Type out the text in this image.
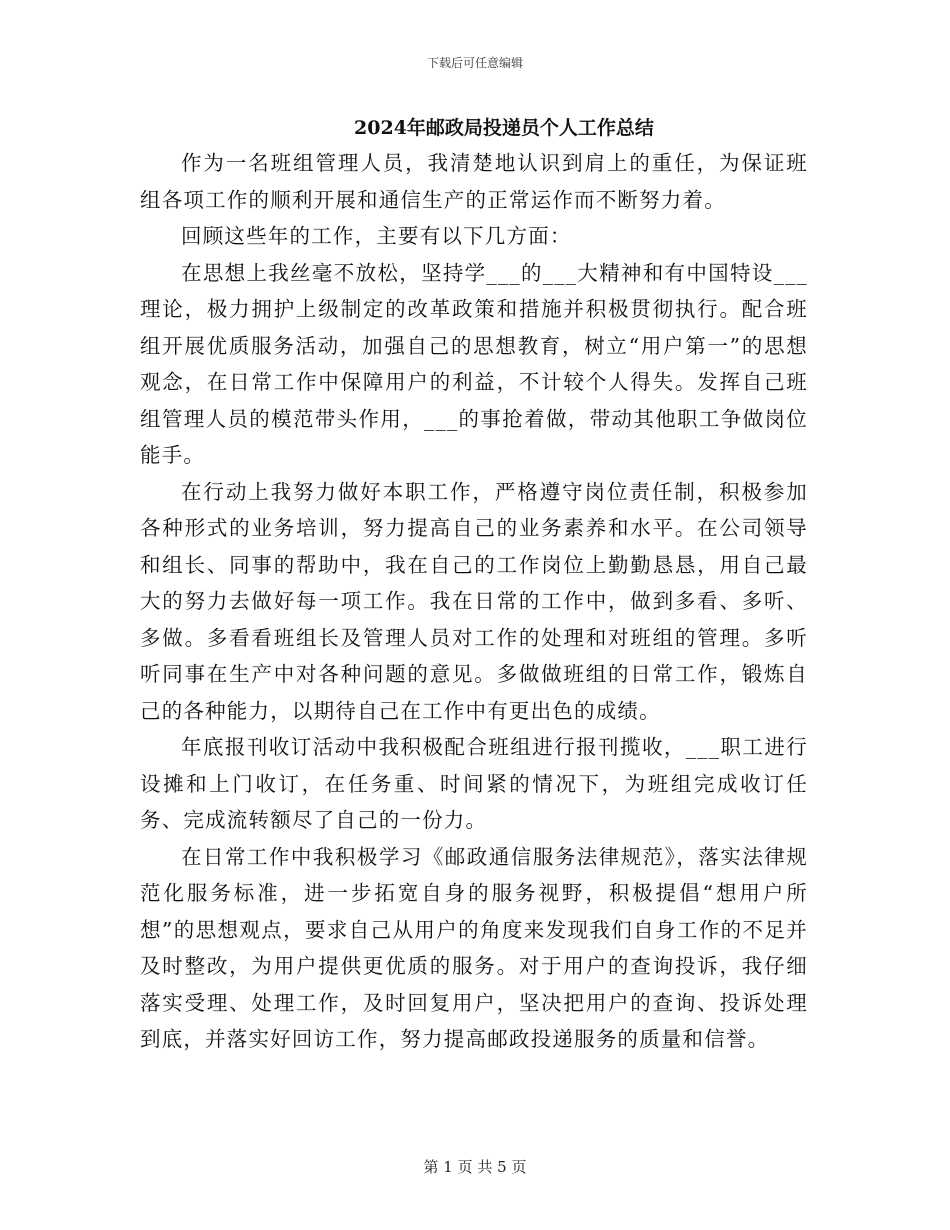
下载后可任意编辑
2024年邮政局投递员个人工作总结

作为一名班组管理人员，我清楚地认识到肩上的重任，为保证班组各项工作的顺利开展和通信生产的正常运作而不断努力着。

回顾这些年的工作，主要有以下几方面：

在思想上我丝毫不放松，坚持学___的___大精神和有中国特设___理论，极力拥护上级制定的改革政策和措施并积极贯彻执行。配合班组开展优质服务活动，加强自己的思想教育，树立“用户第一”的思想观念，在日常工作中保障用户的利益，不计较个人得失。发挥自己班组管理人员的模范带头作用，___的事抢着做，带动其他职工争做岗位能手。

在行动上我努力做好本职工作，严格遵守岗位责任制，积极参加各种形式的业务培训，努力提高自己的业务素养和水平。在公司领导和组长、同事的帮助中，我在自己的工作岗位上勤勤恳恳，用自己最大的努力去做好每一项工作。我在日常的工作中，做到多看、多听、多做。多看看班组长及管理人员对工作的处理和对班组的管理。多听听同事在生产中对各种问题的意见。多做做班组的日常工作，锻炼自己的各种能力，以期待自己在工作中有更出色的成绩。

年底报刊收订活动中我积极配合班组进行报刊揽收，___职工进行设摊和上门收订，在任务重、时间紧的情况下，为班组完成收订任务、完成流转额尽了自己的一份力。

在日常工作中我积极学习《邮政通信服务法律规范》，落实法律规范化服务标准，进一步拓宽自身的服务视野，积极提倡“想用户所想”的思想观点，要求自己从用户的角度来发现我们自身工作的不足并及时整改，为用户提供更优质的服务。对于用户的查询投诉，我仔细落实受理、处理工作，及时回复用户，坚决把用户的查询、投诉处理到底，并落实好回访工作，努力提高邮政投递服务的质量和信誉。

第 1 页 共 5 页
